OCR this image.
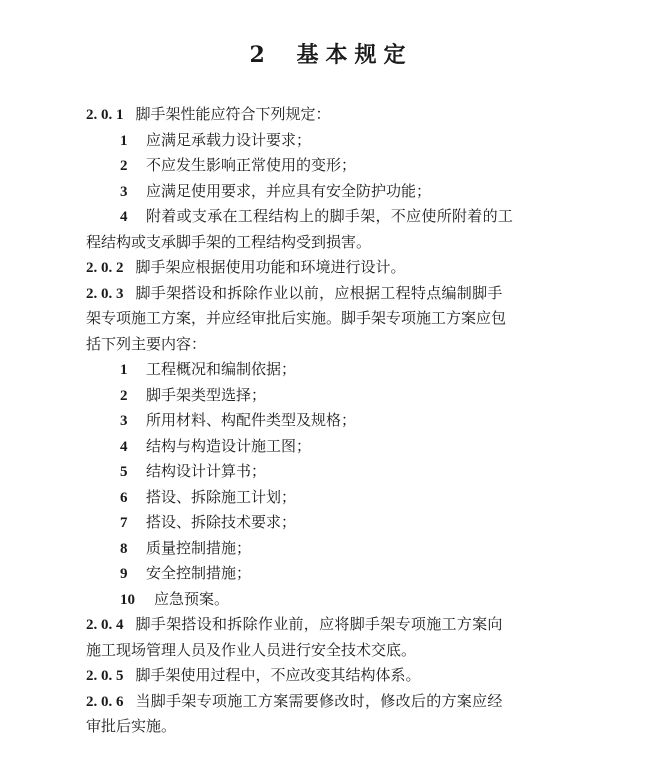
2 基本规定
2. 0. 1 脚手架性能应符合下列规定：
1 应满足承载力设计要求；
2 不应发生影响正常使用的变形；
3 应满足使用要求，并应具有安全防护功能；
4 附着或支承在工程结构上的脚手架，不应使所附着的工
程结构或支承脚手架的工程结构受到损害。
2. 0. 2 脚手架应根据使用功能和环境进行设计。
2. 0. 3 脚手架搭设和拆除作业以前，应根据工程特点编制脚手
架专项施工方案，并应经审批后实施。脚手架专项施工方案应包
括下列主要内容：
1 工程概况和编制依据；
2 脚手架类型选择；
3 所用材料、构配件类型及规格；
4 结构与构造设计施工图；
5 结构设计计算书；
6 搭设、拆除施工计划；
7 搭设、拆除技术要求；
8 质量控制措施；
9 安全控制措施；
10 应急预案。
2. 0. 4 脚手架搭设和拆除作业前，应将脚手架专项施工方案向
施工现场管理人员及作业人员进行安全技术交底。
2. 0. 5 脚手架使用过程中，不应改变其结构体系。
2. 0. 6 当脚手架专项施工方案需要修改时，修改后的方案应经
审批后实施。
